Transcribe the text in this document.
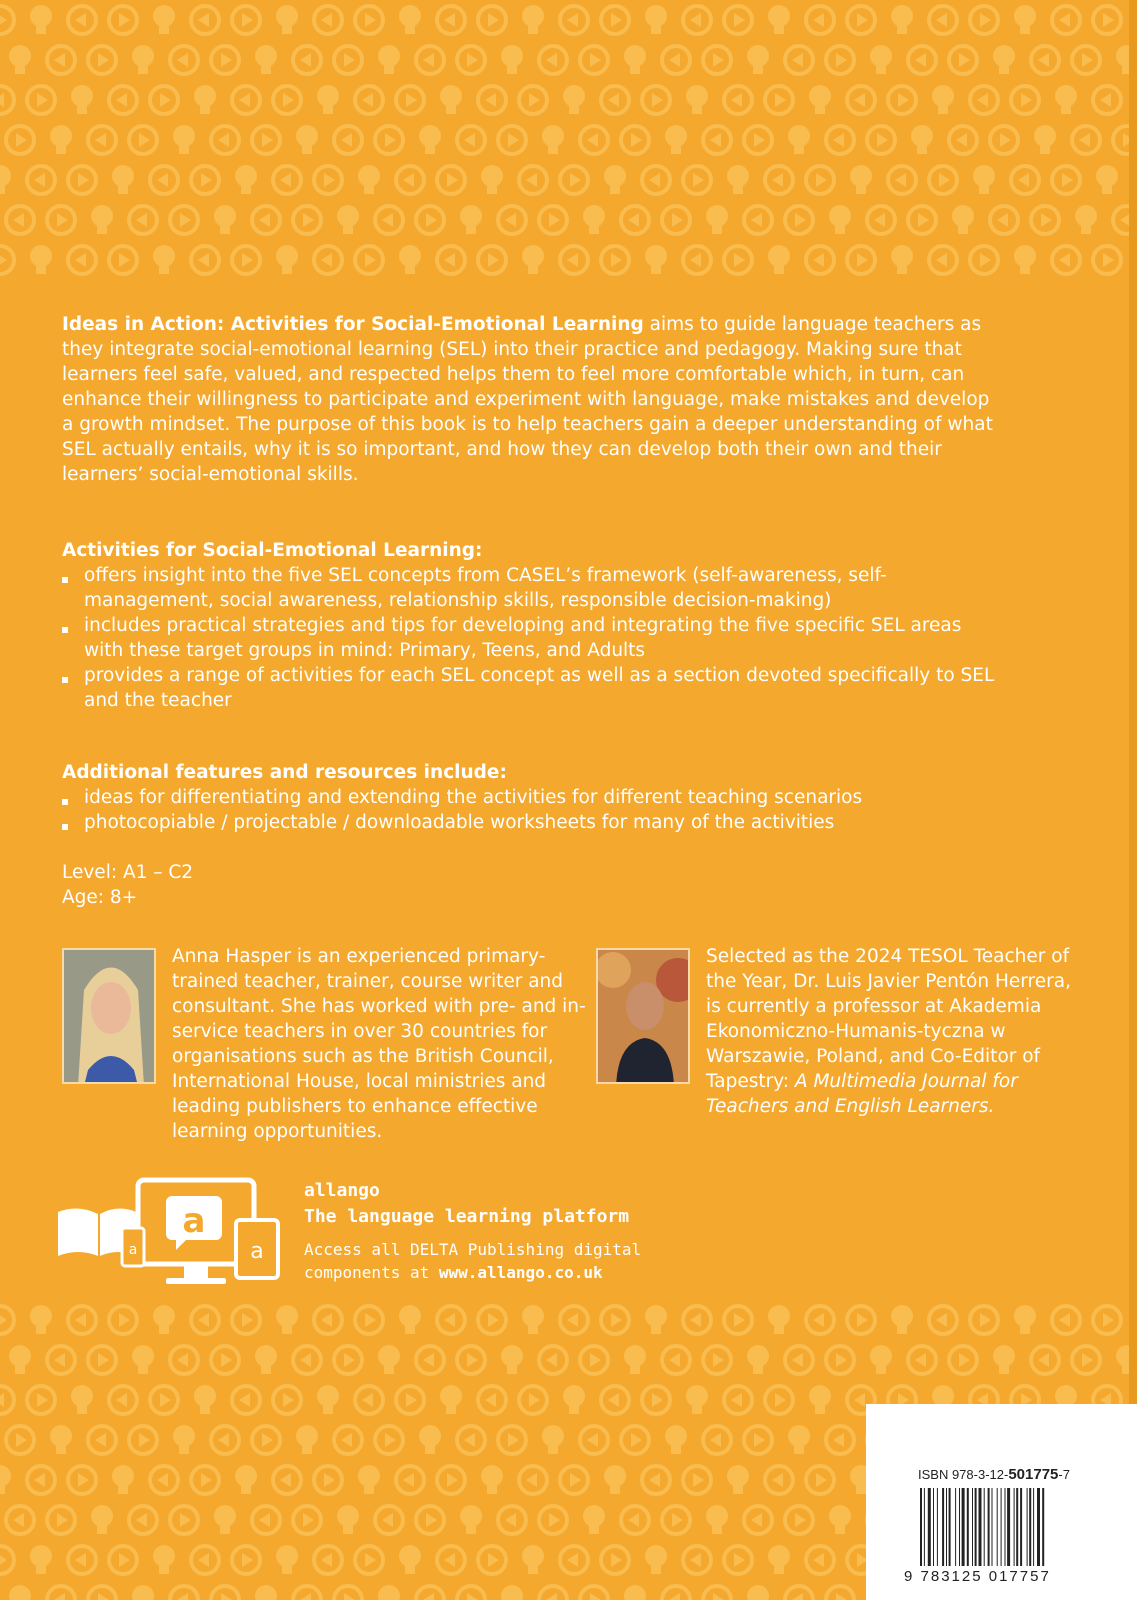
Ideas in Action: Activities for Social-Emotional Learning aims to guide language teachers as they integrate social-emotional learning (SEL) into their practice and pedagogy. Making sure that learners feel safe, valued, and respected helps them to feel more comfortable which, in turn, can enhance their willingness to participate and experiment with language, make mistakes and develop a growth mindset. The purpose of this book is to help teachers gain a deeper understanding of what SEL actually entails, why it is so important, and how they can develop both their own and their learners’ social-emotional skills.

Activities for Social-Emotional Learning:

offers insight into the five SEL concepts from CASEL’s framework (self-awareness, self-management, social awareness, relationship skills, responsible decision-making)
includes practical strategies and tips for developing and integrating the five specific SEL areas with these target groups in mind: Primary, Teens, and Adults
provides a range of activities for each SEL concept as well as a section devoted specifically to SEL and the teacher

Additional features and resources include:

ideas for differentiating and extending the activities for different teaching scenarios
photocopiable / projectable / downloadable worksheets for many of the activities
Level: A1 – C2
Age: 8+
Anna Hasper is an experienced primary-trained teacher, trainer, course writer and consultant. She has worked with pre- and in-service teachers in over 30 countries for organisations such as the British Council, International House, local ministries and leading publishers to enhance effective learning opportunities.
Selected as the 2024 TESOL Teacher of the Year, Dr. Luis Javier Pentón Herrera, is currently a professor at Akademia Ekonomiczno-Humanis-tyczna w Warszawie, Poland, and Co-Editor of Tapestry: A Multimedia Journal for Teachers and English Learners.
a
a	a
allango
The language learning platform
Access all DELTA Publishing digital components at www.allango.co.uk
ISBN 978-3-12-501775-7
9 783125 017757
